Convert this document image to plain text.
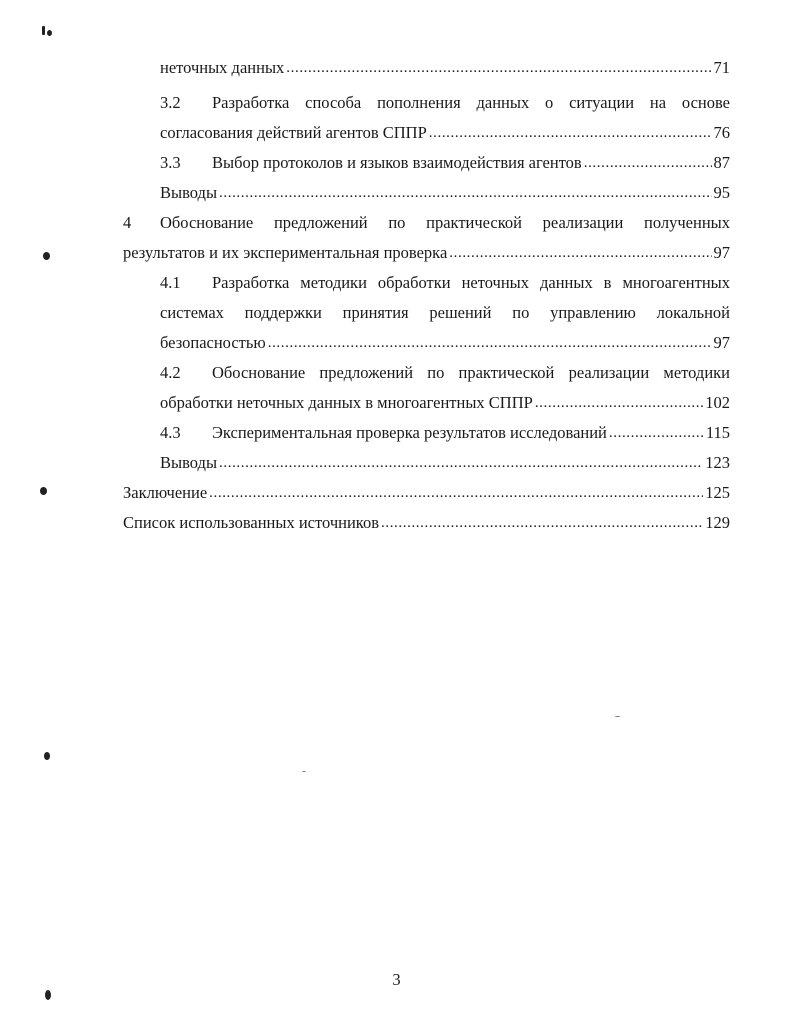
неточных данных .....	71
3.2	Разработка способа пополнения данных о ситуации на основе
согласования действий агентов СППР .....	76
3.3	Выбор протоколов и языков взаимодействия агентов .....	87
Выводы .....	95
4	Обоснование предложений по практической реализации полученных
результатов и их экспериментальная проверка .....	97
4.1	Разработка методики обработки неточных данных в многоагентных
системах поддержки принятия решений по управлению локальной
безопасностью .....	97
4.2	Обоснование предложений по практической реализации методики
обработки неточных данных в многоагентных СППР .....	102
4.3	Экспериментальная проверка результатов исследований .....	115
Выводы .....	123
Заключение .....	125
Список использованных источников .....	129
3
